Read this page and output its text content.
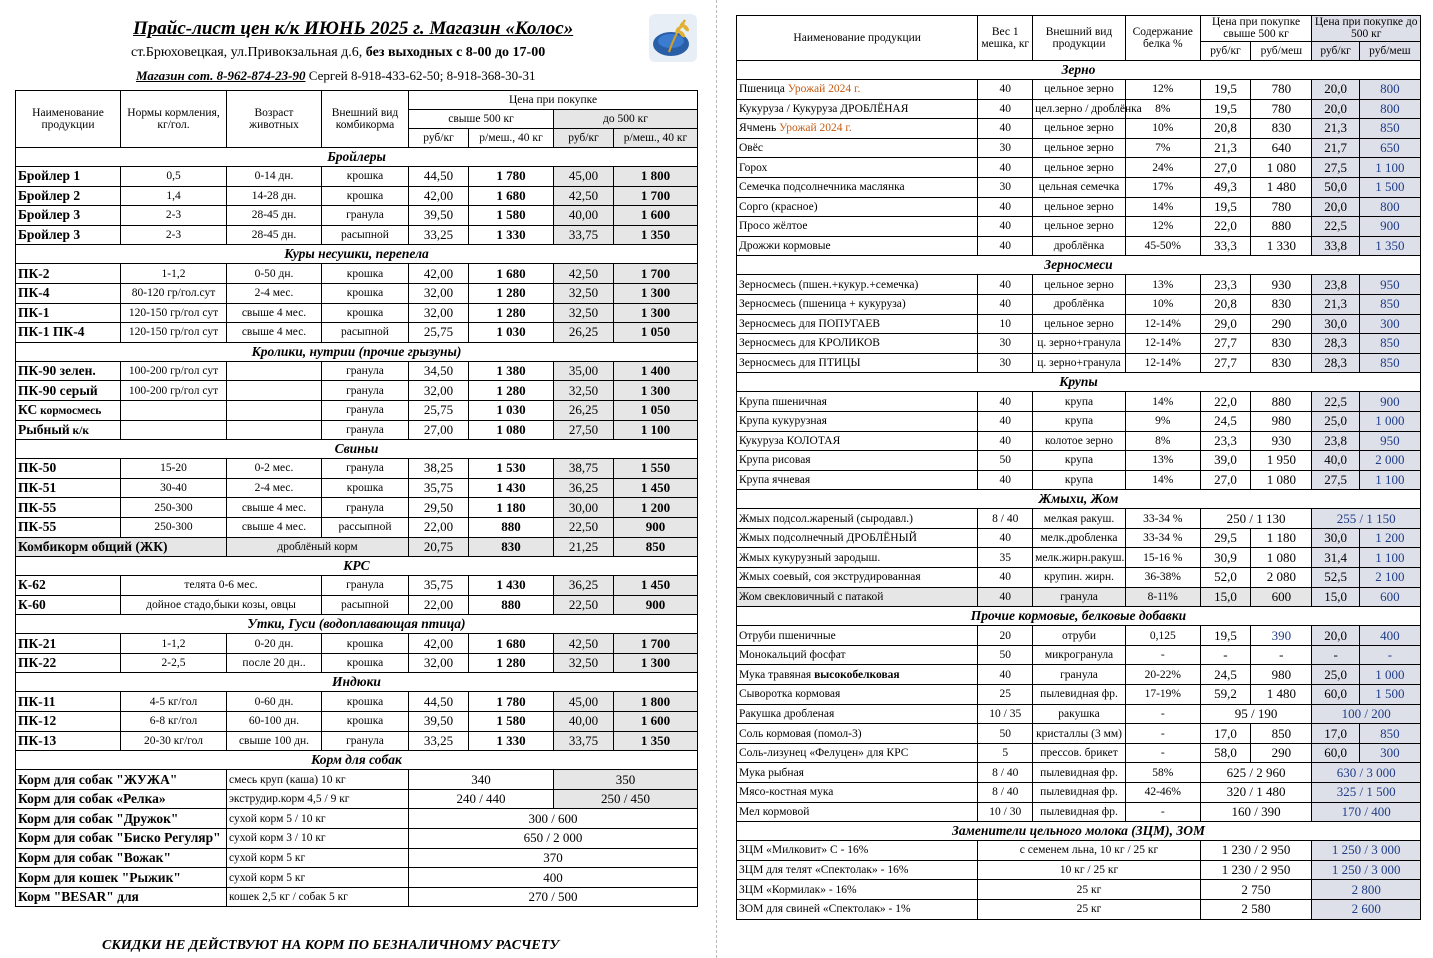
Прайс-лист цен к/к ИЮНЬ 2025 г. Магазин «Колос»
ст.Брюховецкая, ул.Привокзальная д.6, без выходных с 8-00 до 17-00
Магазин сот. 8-962-874-23-90 Сергей 8-918-433-62-50; 8-918-368-30-31
Наименование продукции	Нормы кормления, кг/гол.	Возраст животных	Внешний вид комбикорма	Цена при покупке			
				свыше 500 кг		до 500 кг	
				руб/кг	р/меш., 40 кг	руб/кг	р/меш., 40 кг
Бройлеры							
Бройлер 1	0,5	0-14 дн.	крошка	44,50	1 780	45,00	1 800
Бройлер 2	1,4	14-28 дн.	крошка	42,00	1 680	42,50	1 700
Бройлер 3	2-3	28-45 дн.	гранула	39,50	1 580	40,00	1 600
Бройлер 3	2-3	28-45 дн.	расыпной	33,25	1 330	33,75	1 350
Куры несушки, перепела							
ПК-2	1-1,2	0-50 дн.	крошка	42,00	1 680	42,50	1 700
ПК-4	80-120 гр/гол.сут	2-4 мес.	крошка	32,00	1 280	32,50	1 300
ПК-1	120-150 гр/гол сут	свыше 4 мес.	крошка	32,00	1 280	32,50	1 300
ПК-1 ПК-4	120-150 гр/гол сут	свыше 4 мес.	расыпной	25,75	1 030	26,25	1 050
Кролики, нутрии (прочие грызуны)							
ПК-90 зелен.	100-200 гр/гол сут		гранула	34,50	1 380	35,00	1 400
ПК-90 серый	100-200 гр/гол сут		гранула	32,00	1 280	32,50	1 300
КС кормосмесь			гранула	25,75	1 030	26,25	1 050
Рыбный к/к			гранула	27,00	1 080	27,50	1 100
Свиньи							
ПК-50	15-20	0-2 мес.	гранула	38,25	1 530	38,75	1 550
ПК-51	30-40	2-4 мес.	крошка	35,75	1 430	36,25	1 450
ПК-55	250-300	свыше 4 мес.	гранула	29,50	1 180	30,00	1 200
ПК-55	250-300	свыше 4 мес.	рассыпной	22,00	880	22,50	900
Комбикорм общий (ЖК)		дроблёный корм		20,75	830	21,25	850
КРС							
К-62	телята 0-6 мес.		гранула	35,75	1 430	36,25	1 450
К-60	дойное стадо,быки козы, овцы		расыпной	22,00	880	22,50	900
Утки, Гуси (водоплавающая птица)							
ПК-21	1-1,2	0-20 дн.	крошка	42,00	1 680	42,50	1 700
ПК-22	2-2,5	после 20 дн..	крошка	32,00	1 280	32,50	1 300
Индюки							
ПК-11	4-5 кг/гол	0-60 дн.	крошка	44,50	1 780	45,00	1 800
ПК-12	6-8 кг/гол	60-100 дн.	крошка	39,50	1 580	40,00	1 600
ПК-13	20-30 кг/гол	свыше 100 дн.	гранула	33,25	1 330	33,75	1 350
Корм для собак							
Корм для собак "ЖУЖА"		смесь круп (каша) 10 кг		340		350	
Корм для собак «Релка»		экструдир.корм 4,5 / 9 кг		240 / 440		250 / 450	
Корм для собак "Дружок"		сухой корм 5 / 10 кг		300 / 600			
Корм для собак "Биско Регуляр"		сухой корм 3 / 10 кг		650 / 2 000			
Корм для собак "Вожак"		сухой корм 5 кг		370			
Корм для кошек "Рыжик"		сухой корм 5 кг		400			
Корм "BESAR" для		кошек 2,5 кг / собак 5 кг		270 / 500			
СКИДКИ НЕ ДЕЙСТВУЮТ НА КОРМ ПО БЕЗНАЛИЧНОМУ РАСЧЕТУ
Наименование продукции	Вес 1 мешка, кг	Внешний вид продукции	Содержание белка %	Цена при покупке свыше 500 кг		Цена при покупке до 500 кг	
				руб/кг	руб/меш	руб/кг	руб/меш
Зерно							
Пшеница Урожай 2024 г.	40	цельное зерно	12%	19,5	780	20,0	800
Кукуруза / Кукуруза ДРОБЛЁНАЯ	40	цел.зерно / дроблёнка	8%	19,5	780	20,0	800
Ячмень Урожай 2024 г.	40	цельное зерно	10%	20,8	830	21,3	850
Овёс	30	цельное зерно	7%	21,3	640	21,7	650
Горох	40	цельное зерно	24%	27,0	1 080	27,5	1 100
Семечка подсолнечника маслянка	30	цельная семечка	17%	49,3	1 480	50,0	1 500
Сорго (красное)	40	цельное зерно	14%	19,5	780	20,0	800
Просо жёлтое	40	цельное зерно	12%	22,0	880	22,5	900
Дрожжи кормовые	40	дроблёнка	45-50%	33,3	1 330	33,8	1 350
Зерносмеси							
Зерносмесь (пшен.+кукур.+семечка)	40	цельное зерно	13%	23,3	930	23,8	950
Зерносмесь (пшеница + кукуруза)	40	дроблёнка	10%	20,8	830	21,3	850
Зерносмесь для ПОПУГАЕВ	10	цельное зерно	12-14%	29,0	290	30,0	300
Зерносмесь для КРОЛИКОВ	30	ц. зерно+гранула	12-14%	27,7	830	28,3	850
Зерносмесь для ПТИЦЫ	30	ц. зерно+гранула	12-14%	27,7	830	28,3	850
Крупы							
Крупа пшеничная	40	крупа	14%	22,0	880	22,5	900
Крупа кукурузная	40	крупа	9%	24,5	980	25,0	1 000
Кукуруза КОЛОТАЯ	40	колотое зерно	8%	23,3	930	23,8	950
Крупа рисовая	50	крупа	13%	39,0	1 950	40,0	2 000
Крупа ячневая	40	крупа	14%	27,0	1 080	27,5	1 100
Жмыхи, Жом							
Жмых подсол.жареный (сыродавл.)	8 / 40	мелкая ракуш.	33-34 %	250 / 1 130		255 / 1 150	
Жмых подсолнечный ДРОБЛЁНЫЙ	40	мелк.дробленка	33-34 %	29,5	1 180	30,0	1 200
Жмых кукурузный зародыш.	35	мелк.жирн.ракуш.	15-16 %	30,9	1 080	31,4	1 100
Жмых соевый, соя экструдированная	40	крупин. жирн.	36-38%	52,0	2 080	52,5	2 100
Жом свекловичный с патакой	40	гранула	8-11%	15,0	600	15,0	600
Прочие кормовые, белковые добавки							
Отруби пшеничные	20	отруби	0,125	19,5	390	20,0	400
Монокальций фосфат	50	микрогранула	-	-	-	-	-
Мука травяная высокобелковая	40	гранула	20-22%	24,5	980	25,0	1 000
Сыворотка кормовая	25	пылевидная фр.	17-19%	59,2	1 480	60,0	1 500
Ракушка дробленая	10 / 35	ракушка	-	95 / 190		100 / 200	
Соль кормовая (помол-3)	50	кристаллы (3 мм)	-	17,0	850	17,0	850
Соль-лизунец «Фелуцен» для КРС	5	прессов. брикет	-	58,0	290	60,0	300
Мука рыбная	8 / 40	пылевидная фр.	58%	625 / 2 960		630 / 3 000	
Мясо-костная мука	8 / 40	пылевидная фр.	42-46%	320 / 1 480		325 / 1 500	
Мел кормовой	10 / 30	пылевидная фр.	-	160 / 390		170 / 400	
Заменители цельного молока (ЗЦМ), ЗОМ							
ЗЦМ «Милковит» С - 16%	с семенем льна, 10 кг / 25 кг			1 230 / 2 950		1 250 / 3 000	
ЗЦМ для телят «Спектолак» - 16%	10 кг / 25 кг			1 230 / 2 950		1 250 / 3 000	
ЗЦМ «Кормилак» - 16%	25 кг			2 750		2 800	
ЗОМ для свиней «Спектолак» - 1%	25 кг			2 580		2 600	
